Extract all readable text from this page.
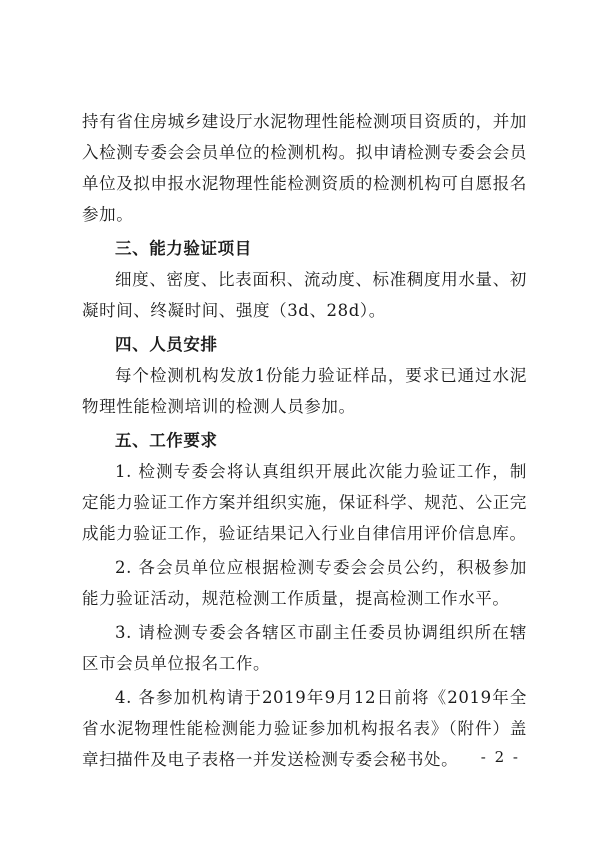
持有省住房城乡建设厅水泥物理性能检测项目资质的，并加入检测专委会会员单位的检测机构。拟申请检测专委会会员单位及拟申报水泥物理性能检测资质的检测机构可自愿报名参加。

三、能力验证项目

细度、密度、比表面积、流动度、标准稠度用水量、初凝时间、终凝时间、强度（3d、28d）。

四、人员安排

每个检测机构发放1份能力验证样品，要求已通过水泥物理性能检测培训的检测人员参加。

五、工作要求

1. 检测专委会将认真组织开展此次能力验证工作，制定能力验证工作方案并组织实施，保证科学、规范、公正完成能力验证工作，验证结果记入行业自律信用评价信息库。

2. 各会员单位应根据检测专委会会员公约，积极参加能力验证活动，规范检测工作质量，提高检测工作水平。

3. 请检测专委会各辖区市副主任委员协调组织所在辖区市会员单位报名工作。

4. 各参加机构请于2019年9月12日前将《2019年全省水泥物理性能检测能力验证参加机构报名表》（附件）盖章扫描件及电子表格一并发送检测专委会秘书处。	- 2 -
